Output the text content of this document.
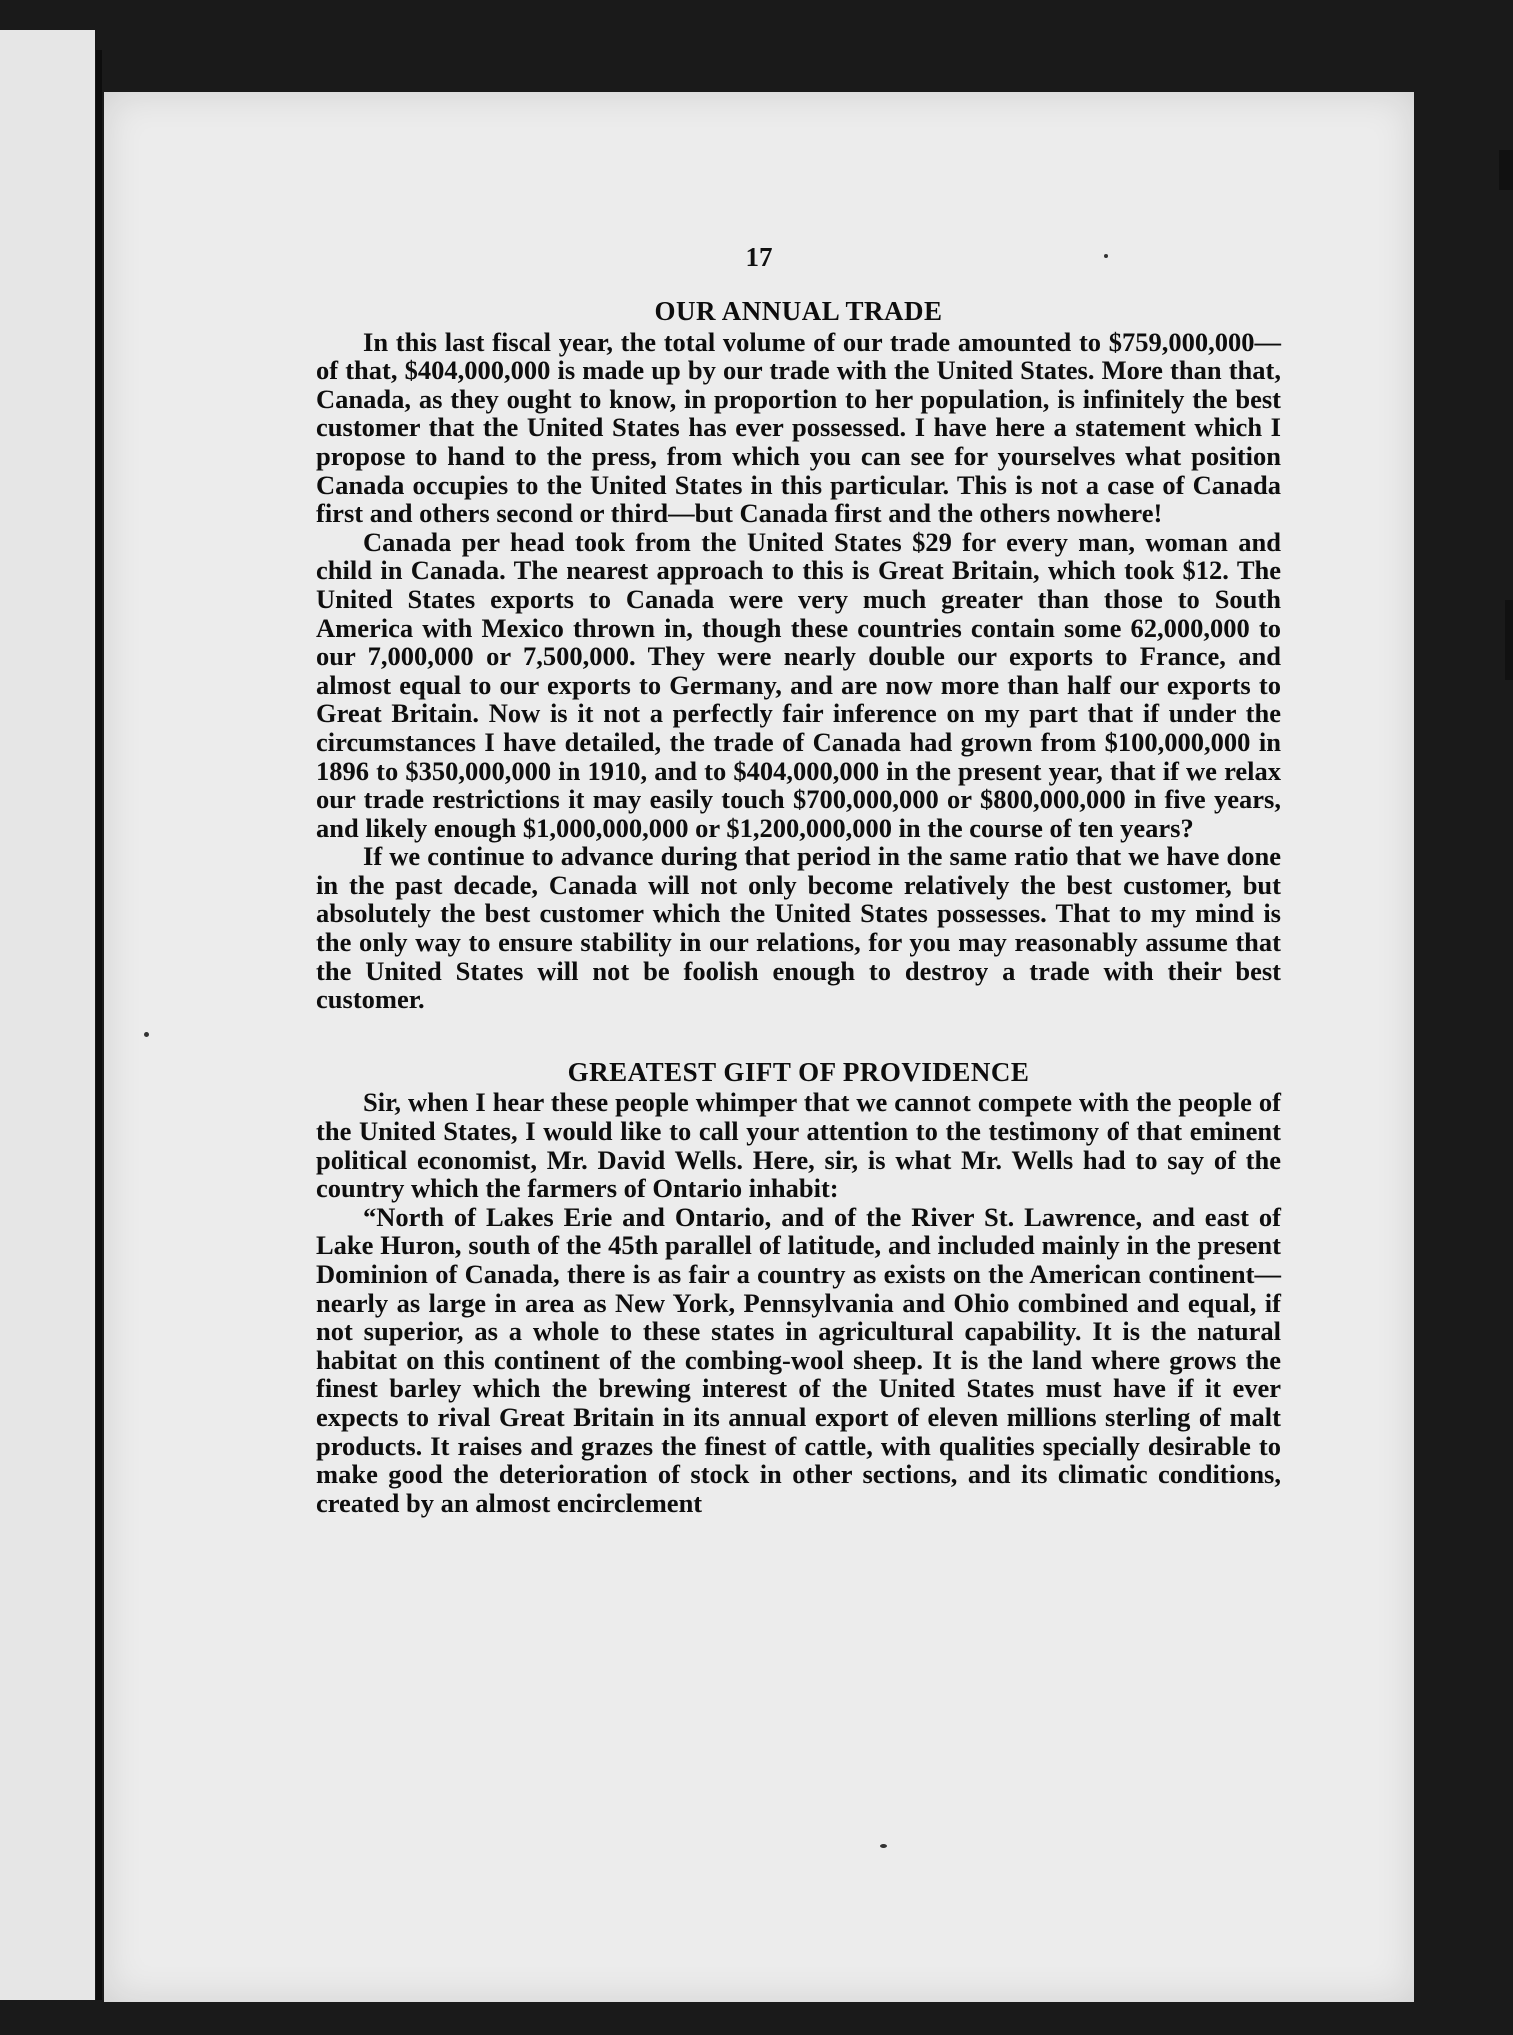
17
OUR ANNUAL TRADE

In this last fiscal year, the total volume of our trade amounted to $759,000,000—of that, $404,000,000 is made up by our trade with the United States. More than that, Canada, as they ought to know, in proportion to her population, is infinitely the best customer that the United States has ever possessed. I have here a statement which I propose to hand to the press, from which you can see for yourselves what position Canada occupies to the United States in this particular. This is not a case of Canada first and others second or third—but Canada first and the others nowhere!

Canada per head took from the United States $29 for every man, woman and child in Canada. The nearest approach to this is Great Britain, which took $12. The United States exports to Canada were very much greater than those to South America with Mexico thrown in, though these countries contain some 62,000,000 to our 7,000,000 or 7,500,000. They were nearly double our exports to France, and almost equal to our exports to Germany, and are now more than half our exports to Great Britain. Now is it not a perfectly fair inference on my part that if under the circumstances I have detailed, the trade of Canada had grown from $100,000,000 in 1896 to $350,000,000 in 1910, and to $404,000,000 in the present year, that if we relax our trade restrictions it may easily touch $700,000,000 or $800,000,000 in five years, and likely enough $1,000,000,000 or $1,200,000,000 in the course of ten years?

If we continue to advance during that period in the same ratio that we have done in the past decade, Canada will not only become relatively the best customer, but absolutely the best customer which the United States possesses. That to my mind is the only way to ensure stability in our relations, for you may reasonably assume that the United States will not be foolish enough to destroy a trade with their best customer.

GREATEST GIFT OF PROVIDENCE

Sir, when I hear these people whimper that we cannot compete with the people of the United States, I would like to call your attention to the testimony of that eminent political economist, Mr. David Wells. Here, sir, is what Mr. Wells had to say of the country which the farmers of Ontario inhabit:

“North of Lakes Erie and Ontario, and of the River St. Lawrence, and east of Lake Huron, south of the 45th parallel of latitude, and included mainly in the present Dominion of Canada, there is as fair a country as exists on the American continent—nearly as large in area as New York, Pennsylvania and Ohio combined and equal, if not superior, as a whole to these states in agricultural capability. It is the natural habitat on this continent of the combing-wool sheep. It is the land where grows the finest barley which the brewing interest of the United States must have if it ever expects to rival Great Britain in its annual export of eleven millions sterling of malt products. It raises and grazes the finest of cattle, with qualities specially desirable to make good the deterioration of stock in other sections, and its climatic conditions, created by an almost encirclement
